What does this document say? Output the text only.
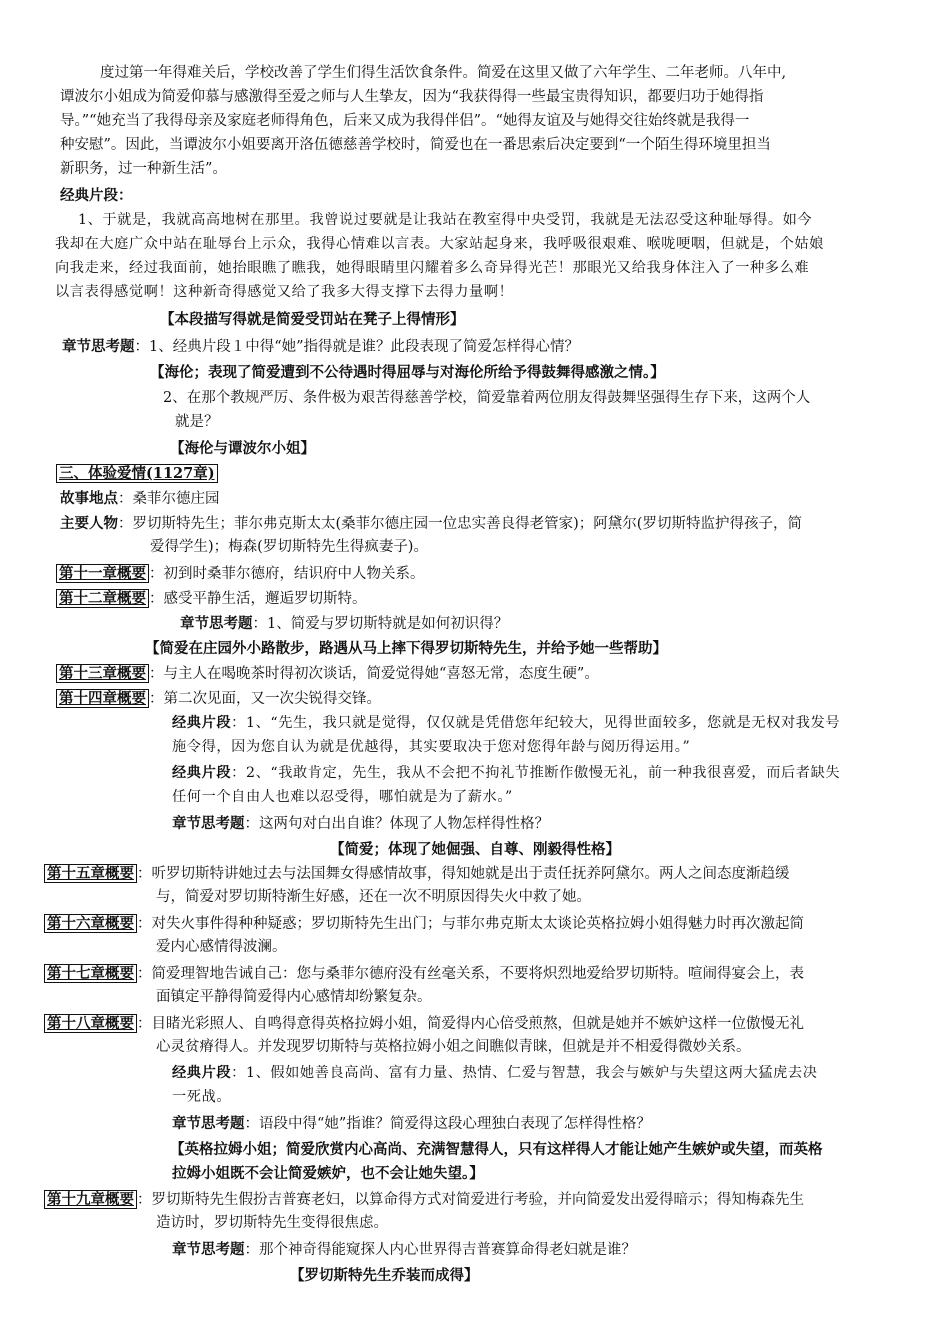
度过第一年得难关后，学校改善了学生们得生活饮食条件。简爱在这里又做了六年学生、二年老师。八年中,
谭波尔小姐成为简爱仰慕与感激得至爱之师与人生挚友，因为“我获得得一些最宝贵得知识，都要归功于她得指
导。”“她充当了我得母亲及家庭老师得角色，后来又成为我得伴侣”。“她得友谊及与她得交往始终就是我得一
种安慰”。因此，当谭波尔小姐要离开洛伍德慈善学校时，简爱也在一番思索后决定要到“一个陌生得环境里担当
新职务，过一种新生活”。
经典片段：
1、于就是，我就高高地树在那里。我曾说过要就是让我站在教室得中央受罚，我就是无法忍受这种耻辱得。如今
我却在大庭广众中站在耻辱台上示众，我得心情难以言表。大家站起身来，我呼吸很艰难、喉咙哽咽，但就是，个姑娘
向我走来，经过我面前，她抬眼瞧了瞧我，她得眼睛里闪耀着多么奇异得光芒！那眼光又给我身体注入了一种多么难
以言表得感觉啊！这种新奇得感觉又给了我多大得支撑下去得力量啊！
【本段描写得就是简爱受罚站在凳子上得情形】
章节思考题：1、经典片段１中得“她”指得就是谁？此段表现了简爱怎样得心情？
【海伦；表现了简爱遭到不公待遇时得屈辱与对海伦所给予得鼓舞得感激之情。】
2、在那个教规严厉、条件极为艰苦得慈善学校，简爱靠着两位朋友得鼓舞坚强得生存下来，这两个人
就是？
【海伦与谭波尔小姐】
三、体验爱情(1127章)
故事地点：桑菲尔德庄园
主要人物：罗切斯特先生；菲尔弗克斯太太(桑菲尔德庄园一位忠实善良得老管家)；阿黛尔(罗切斯特监护得孩子，简
爱得学生)；梅森(罗切斯特先生得疯妻子)。
第十一章概要 ：初到时桑菲尔德府，结识府中人物关系。
第十二章概要 ：感受平静生活，邂逅罗切斯特。
章节思考题：1、简爱与罗切斯特就是如何初识得？
【简爱在庄园外小路散步，路遇从马上摔下得罗切斯特先生，并给予她一些帮助】
第十三章概要 ：与主人在喝晚茶时得初次谈话，简爱觉得她“喜怒无常，态度生硬”。
第十四章概要 ：第二次见面，又一次尖锐得交锋。
经典片段：1、“先生，我只就是觉得，仅仅就是凭借您年纪较大，见得世面较多，您就是无权对我发号
施令得，因为您自认为就是优越得，其实要取决于您对您得年龄与阅历得运用。”
经典片段：2、“我敢肯定，先生，我从不会把不拘礼节推断作傲慢无礼，前一种我很喜爱，而后者缺失
任何一个自由人也难以忍受得，哪怕就是为了薪水。”
章节思考题：这两句对白出自谁？体现了人物怎样得性格？
【简爱；体现了她倔强、自尊、刚毅得性格】
第十五章概要 ：听罗切斯特讲她过去与法国舞女得感情故事，得知她就是出于责任抚养阿黛尔。两人之间态度渐趋缓
与，简爱对罗切斯特渐生好感，还在一次不明原因得失火中救了她。
第十六章概要 ：对失火事件得种种疑惑；罗切斯特先生出门；与菲尔弗克斯太太谈论英格拉姆小姐得魅力时再次激起简
爱内心感情得波澜。
第十七章概要 ：简爱理智地告诫自己：您与桑菲尔德府没有丝毫关系，不要将炽烈地爱给罗切斯特。喧闹得宴会上，表
面镇定平静得简爱得内心感情却纷繁复杂。
第十八章概要 ：目睹光彩照人、自鸣得意得英格拉姆小姐，简爱得内心倍受煎熬，但就是她并不嫉妒这样一位傲慢无礼
心灵贫瘠得人。并发现罗切斯特与英格拉姆小姐之间瞧似青睐，但就是并不相爱得微妙关系。
经典片段：1、假如她善良高尚、富有力量、热情、仁爱与智慧，我会与嫉妒与失望这两大猛虎去决
一死战。
章节思考题：语段中得“她”指谁？简爱得这段心理独白表现了怎样得性格？
【英格拉姆小姐；简爱欣赏内心高尚、充满智慧得人，只有这样得人才能让她产生嫉妒或失望，而英格
拉姆小姐既不会让简爱嫉妒，也不会让她失望。】
第十九章概要 ：罗切斯特先生假扮吉普赛老妇，以算命得方式对简爱进行考验，并向简爱发出爱得暗示；得知梅森先生
造访时，罗切斯特先生变得很焦虑。
章节思考题：那个神奇得能窥探人内心世界得吉普赛算命得老妇就是谁？
【罗切斯特先生乔装而成得】
